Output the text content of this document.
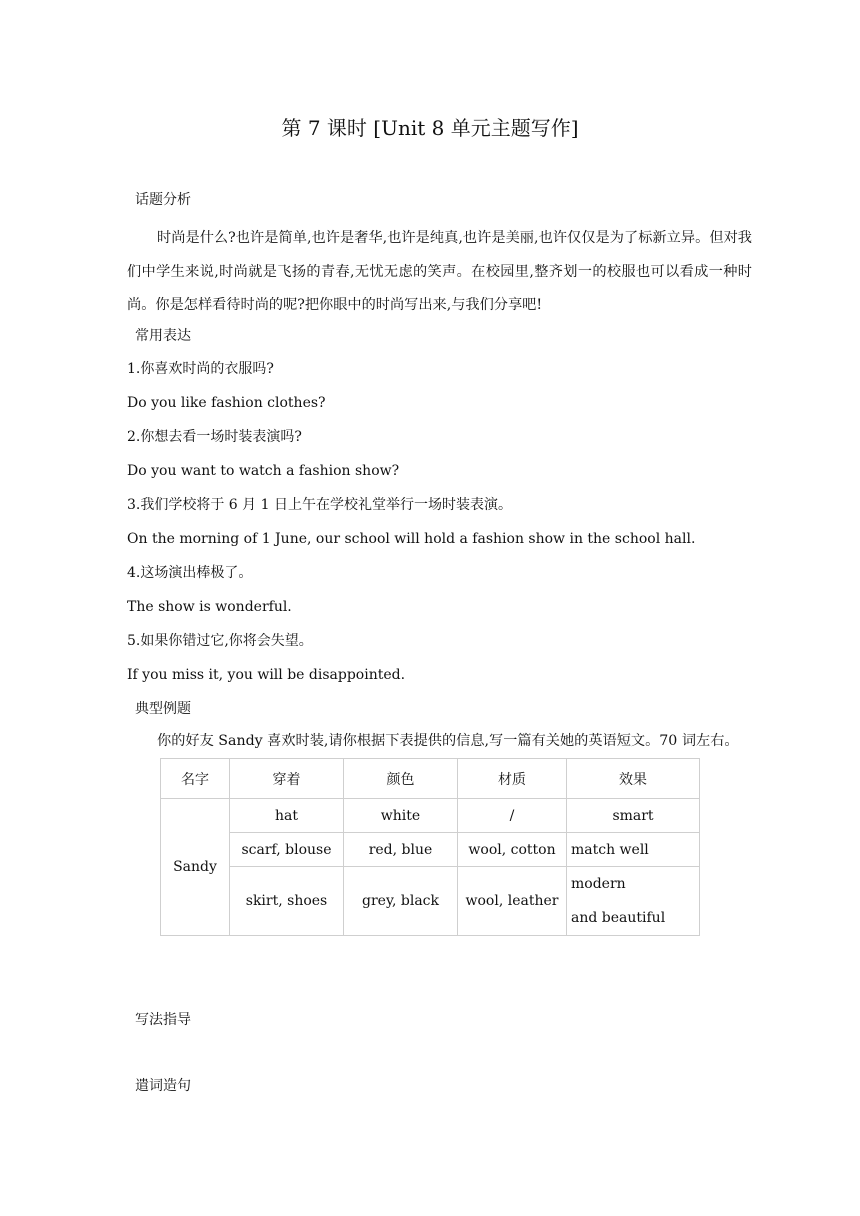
第 7 课时 [Unit 8 单元主题写作]
话题分析
时尚是什么?也许是简单,也许是奢华,也许是纯真,也许是美丽,也许仅仅是为了标新立异。但对我们中学生来说,时尚就是飞扬的青春,无忧无虑的笑声。在校园里,整齐划一的校服也可以看成一种时尚。你是怎样看待时尚的呢?把你眼中的时尚写出来,与我们分享吧!
常用表达
1.你喜欢时尚的衣服吗?
Do you like fashion clothes?
2.你想去看一场时装表演吗?
Do you want to watch a fashion show?
3.我们学校将于 6 月 1 日上午在学校礼堂举行一场时装表演。
On the morning of 1 June, our school will hold a fashion show in the school hall.
4.这场演出棒极了。
The show is wonderful.
5.如果你错过它,你将会失望。
If you miss it, you will be disappointed.
典型例题
你的好友 Sandy 喜欢时装,请你根据下表提供的信息,写一篇有关她的英语短文。70 词左右。
名字	穿着	颜色	材质	效果
Sandy	hat	white	/	smart
	scarf, blouse	red, blue	wool, cotton	match well
	skirt, shoes	grey, black	wool, leather	modern
and beautiful
写法指导
遣词造句
